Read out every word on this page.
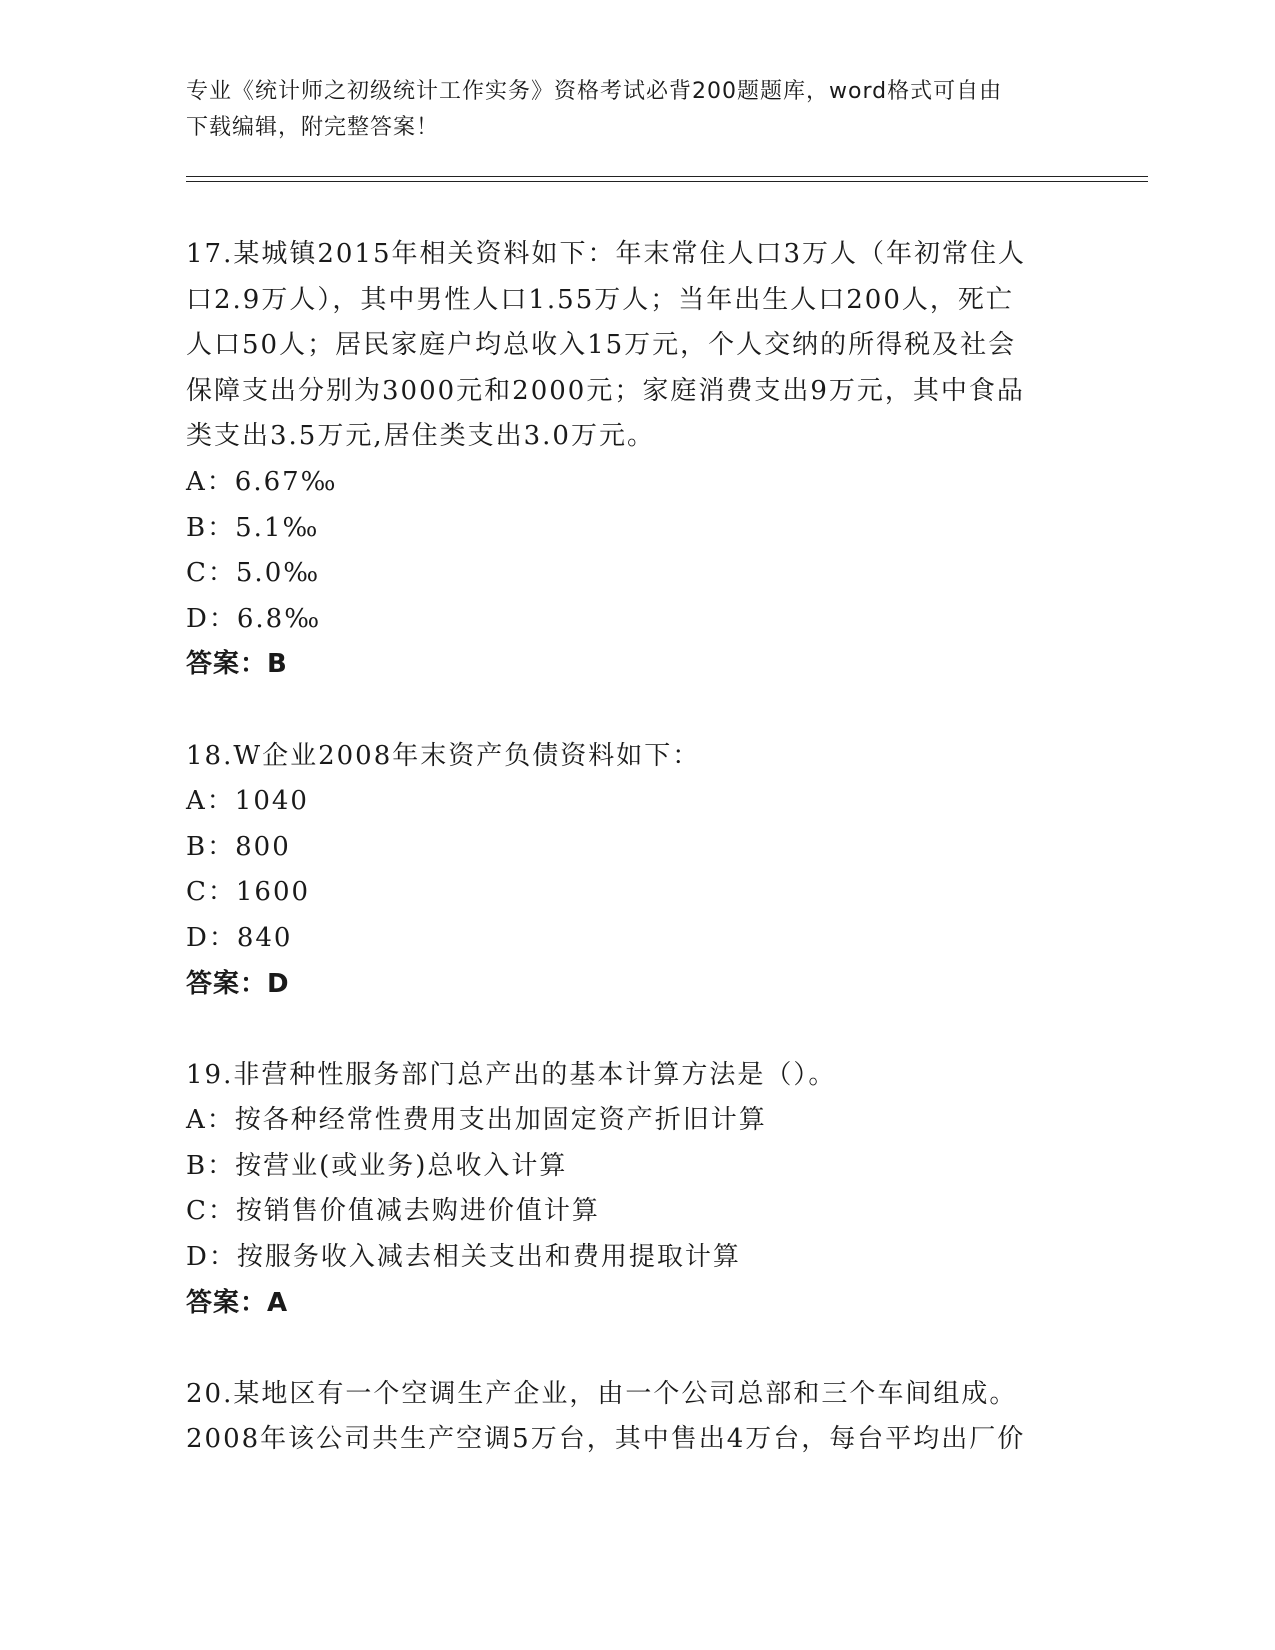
专业《统计师之初级统计工作实务》资格考试必背200题题库，word格式可自由
下载编辑，附完整答案！
17.某城镇2015年相关资料如下：年末常住人口3万人（年初常住人
口2.9万人），其中男性人口1.55万人；当年出生人口200人，死亡
人口50人；居民家庭户均总收入15万元，个人交纳的所得税及社会
保障支出分别为3000元和2000元；家庭消费支出9万元，其中食品
类支出3.5万元,居住类支出3.0万元。
A：6.67‰
B：5.1‰
C：5.0‰
D：6.8‰
答案：B
18.W企业2008年末资产负债资料如下：
A：1040
B：800
C：1600
D：840
答案：D
19.非营种性服务部门总产出的基本计算方法是（）。
A：按各种经常性费用支出加固定资产折旧计算
B：按营业(或业务)总收入计算
C：按销售价值减去购进价值计算
D：按服务收入减去相关支出和费用提取计算
答案：A
20.某地区有一个空调生产企业，由一个公司总部和三个车间组成。
2008年该公司共生产空调5万台，其中售出4万台，每台平均出厂价
